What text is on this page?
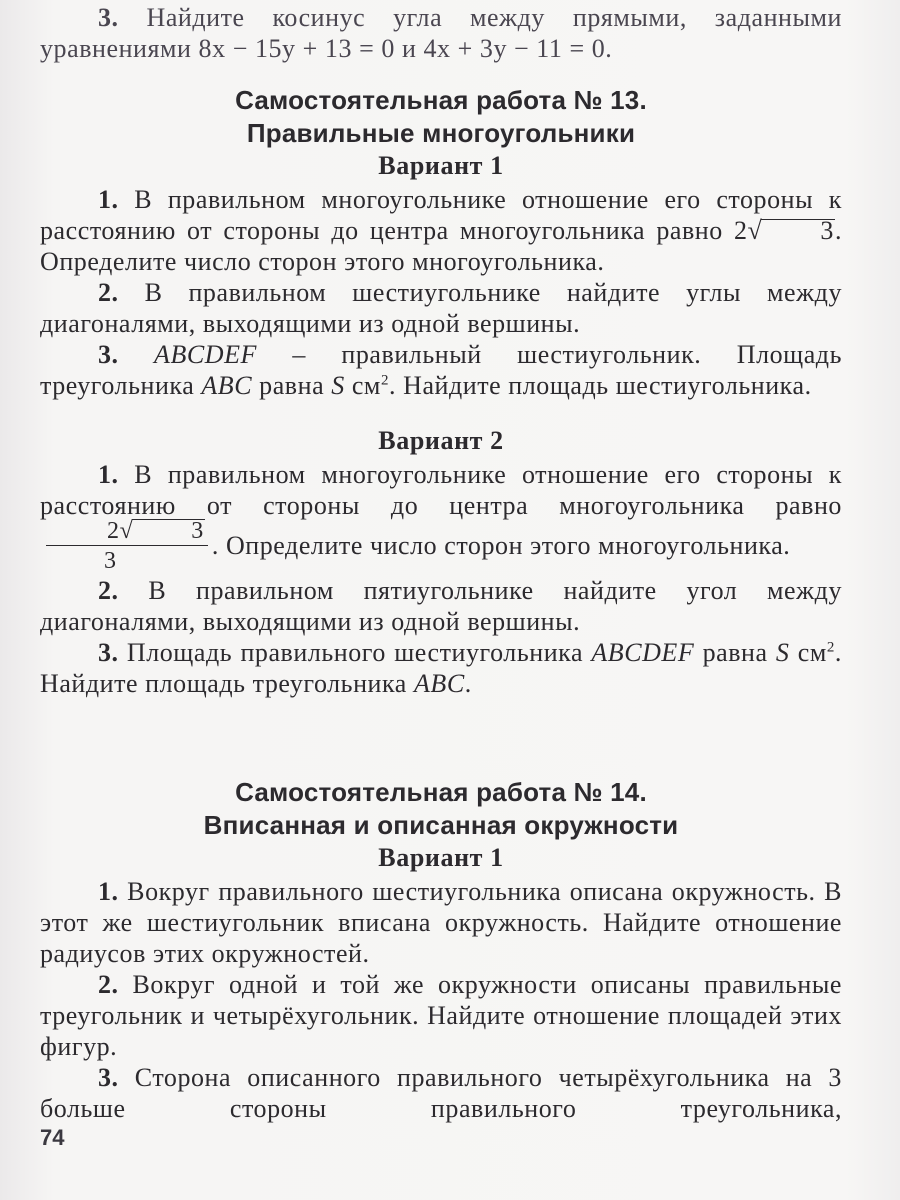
3. Найдите косинус угла между прямыми, заданными

уравнениями 8x − 15y + 13 = 0 и 4x + 3y − 11 = 0.

Самостоятельная работа № 13.
Правильные многоугольники
Вариант 1

1. В правильном многоугольнике отношение его стороны к расстоянию от стороны до центра многоугольника равно 2√ 3. Определите число сторон этого многоугольника.

2. В правильном шестиугольнике найдите углы между диагоналями, выходящими из одной вершины.

3. ABCDEF – правильный шестиугольник. Площадь треугольника ABC равна S $см^2$. Найдите площадь шестиугольника.

Вариант 2

1. В правильном многоугольнике отношение его стороны к расстоянию от стороны до центра многоугольника равно
$\frac{2√ 3}{3}$ . Определите число сторон этого многоугольника.

2. В правильном пятиугольнике найдите угол между диагоналями, выходящими из одной вершины.

3. Площадь правильного шестиугольника ABCDEF равна S $см^2$. Найдите площадь треугольника ABC.

Самостоятельная работа № 14.
Вписанная и описанная окружности
Вариант 1

1. Вокруг правильного шестиугольника описана окружность. В этот же шестиугольник вписана окружность. Найдите отношение радиусов этих окружностей.

2. Вокруг одной и той же окружности описаны правильные треугольник и четырёхугольник. Найдите отношение площадей этих фигур.

3. Сторона описанного правильного четырёхугольника на 3 больше стороны правильного треугольника,

74
